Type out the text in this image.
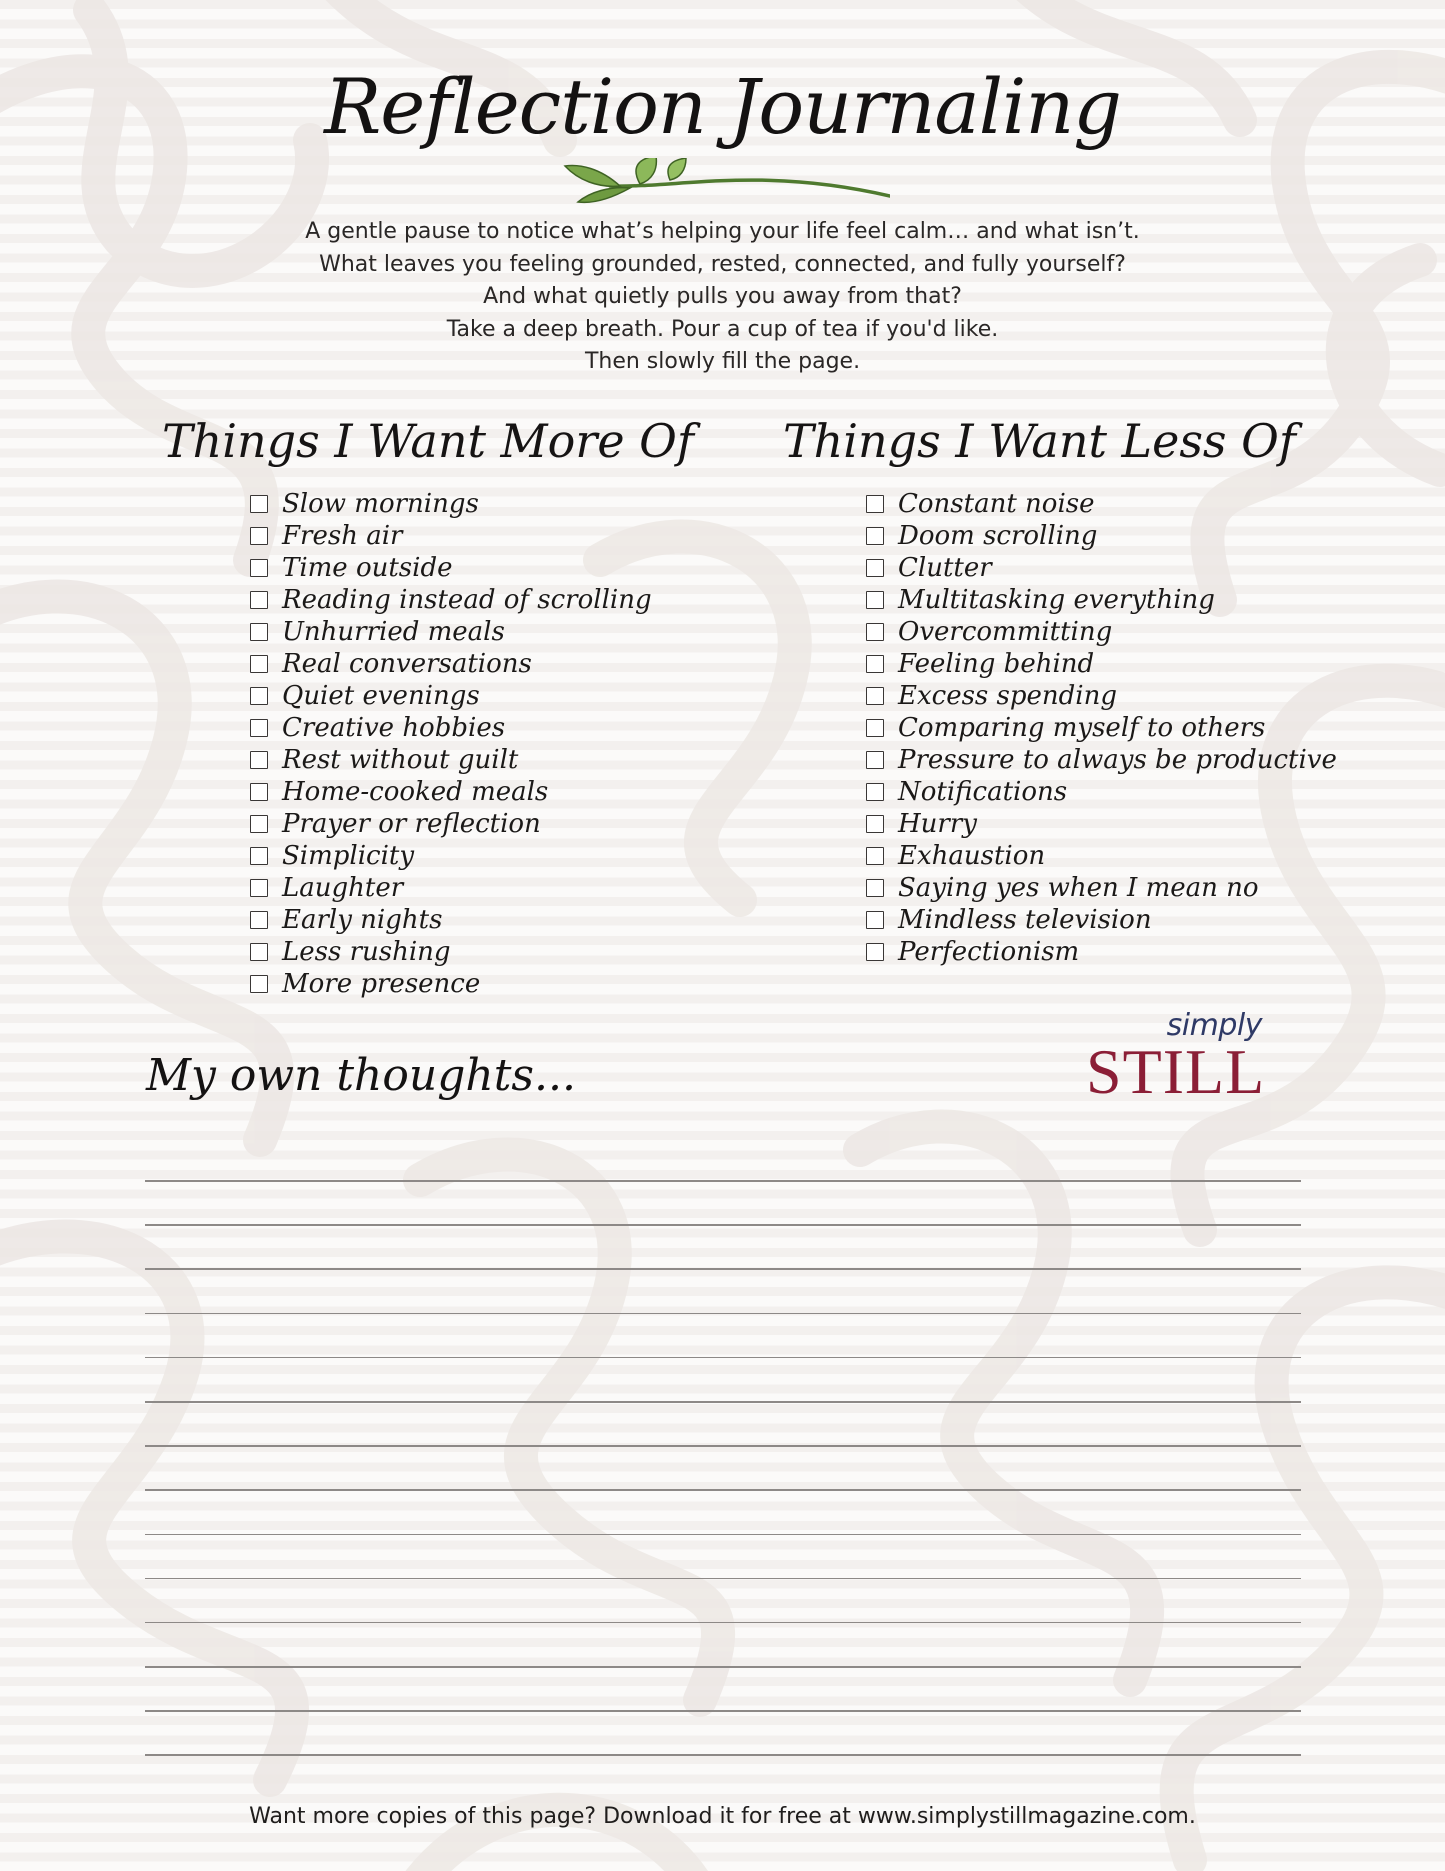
Reflection Journaling
A gentle pause to notice what’s helping your life feel calm… and what isn’t.
What leaves you feeling grounded, rested, connected, and fully yourself?
And what quietly pulls you away from that?
Take a deep breath. Pour a cup of tea if you'd like.
Then slowly fill the page.
Things I Want More Of
Slow mornings
Fresh air
Time outside
Reading instead of scrolling
Unhurried meals
Real conversations
Quiet evenings
Creative hobbies
Rest without guilt
Home-cooked meals
Prayer or reflection
Simplicity
Laughter
Early nights
Less rushing
More presence
Things I Want Less Of
Constant noise
Doom scrolling
Clutter
Multitasking everything
Overcommitting
Feeling behind
Excess spending
Comparing myself to others
Pressure to always be productive
Notifications
Hurry
Exhaustion
Saying yes when I mean no
Mindless television
Perfectionism
My own thoughts...
simply
STILL
Want more copies of this page? Download it for free at www.simplystillmagazine.com.
